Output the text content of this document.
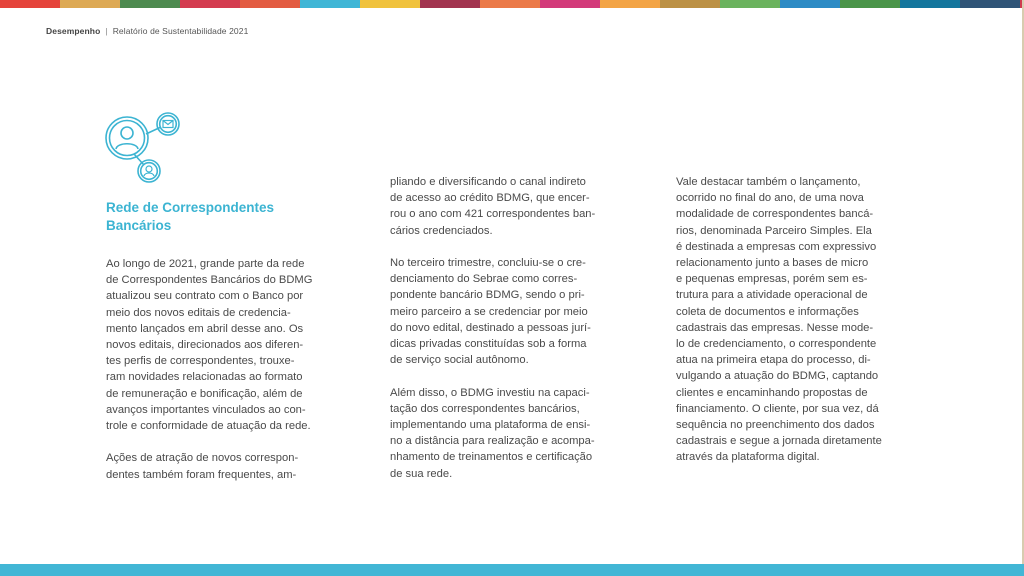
Desempenho | Relatório de Sustentabilidade 2021
Rede de Correspondentes
Bancários

Ao longo de 2021, grande parte da rede
de Correspondentes Bancários do BDMG
atualizou seu contrato com o Banco por
meio dos novos editais de credencia-
mento lançados em abril desse ano. Os
novos editais, direcionados aos diferen-
tes perfis de correspondentes, trouxe-
ram novidades relacionadas ao formato
de remuneração e bonificação, além de
avanços importantes vinculados ao con-
trole e conformidade de atuação da rede.

Ações de atração de novos correspon-
dentes também foram frequentes, am-

pliando e diversificando o canal indireto
de acesso ao crédito BDMG, que encer-
rou o ano com 421 correspondentes ban-
cários credenciados.

No terceiro trimestre, concluiu-se o cre-
denciamento do Sebrae como corres-
pondente bancário BDMG, sendo o pri-
meiro parceiro a se credenciar por meio
do novo edital, destinado a pessoas jurí-
dicas privadas constituídas sob a forma
de serviço social autônomo.

Além disso, o BDMG investiu na capaci-
tação dos correspondentes bancários,
implementando uma plataforma de ensi-
no a distância para realização e acompa-
nhamento de treinamentos e certificação
de sua rede.

Vale destacar também o lançamento,
ocorrido no final do ano, de uma nova
modalidade de correspondentes bancá-
rios, denominada Parceiro Simples. Ela
é destinada a empresas com expressivo
relacionamento junto a bases de micro
e pequenas empresas, porém sem es-
trutura para a atividade operacional de
coleta de documentos e informações
cadastrais das empresas. Nesse mode-
lo de credenciamento, o correspondente
atua na primeira etapa do processo, di-
vulgando a atuação do BDMG, captando
clientes e encaminhando propostas de
financiamento. O cliente, por sua vez, dá
sequência no preenchimento dos dados
cadastrais e segue a jornada diretamente
através da plataforma digital.
